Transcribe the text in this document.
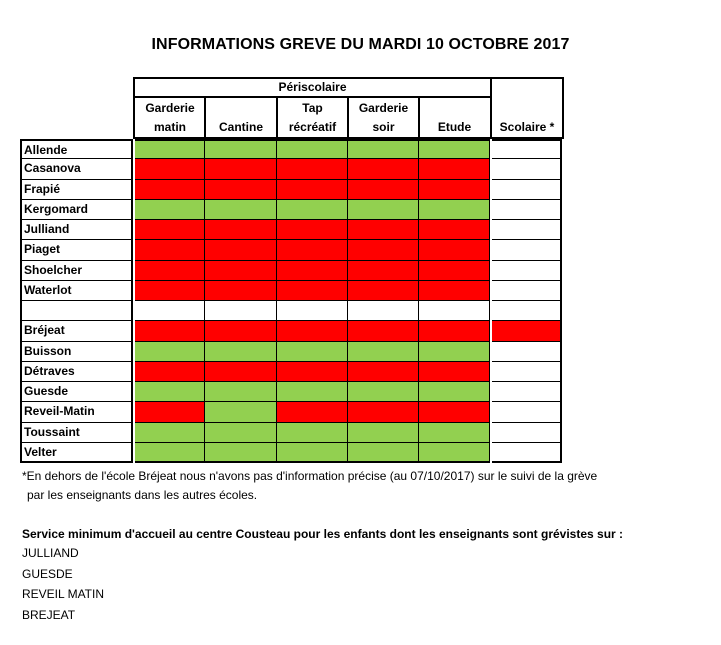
INFORMATIONS GREVE DU MARDI 10 OCTOBRE 2017
Périscolaire
Scolaire *
Garderie
matin
	Cantine
Tap
récréatif
Garderie
soir
	Etude
Allende
Casanova
Frapié
Kergomard
Julliand
Piaget
Shoelcher
Waterlot
Bréjeat
Buisson
Détraves
Guesde
Reveil-Matin
Toussaint
Velter
*En dehors de l'école Bréjeat nous n'avons pas d'information précise (au 07/10/2017) sur le suivi de la grève
par les enseignants dans les autres écoles.
Service minimum d'accueil au centre Cousteau pour les enfants dont les enseignants sont grévistes sur :
JULLIAND
GUESDE
REVEIL MATIN
BREJEAT
